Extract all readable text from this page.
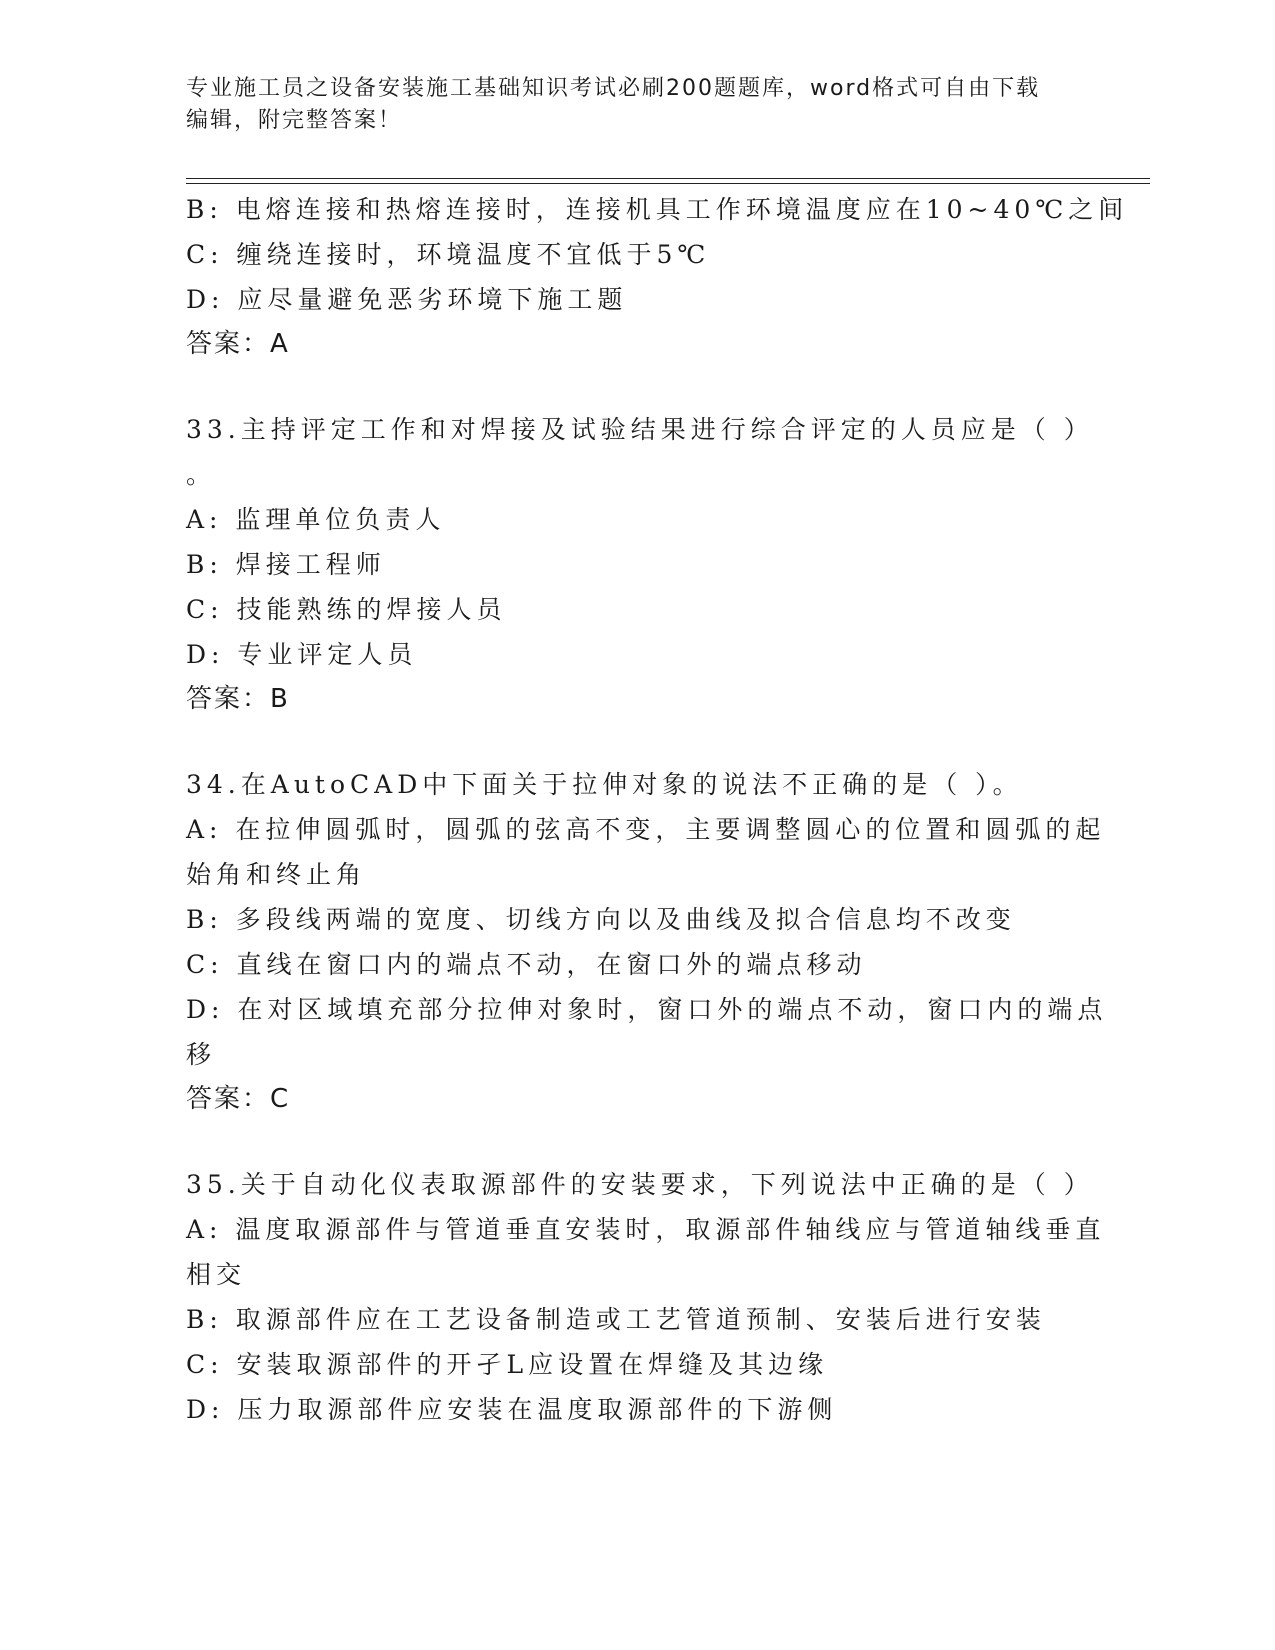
专业施工员之设备安装施工基础知识考试必刷200题题库，word格式可自由下载
编辑，附完整答案！
B: 电熔连接和热熔连接时，连接机具工作环境温度应在10~40℃之间
C: 缠绕连接时，环境温度不宜低于5℃
D: 应尽量避免恶劣环境下施工题
答案：A
33.主持评定工作和对焊接及试验结果进行综合评定的人员应是（ ）
。
A: 监理单位负责人
B: 焊接工程师
C: 技能熟练的焊接人员
D: 专业评定人员
答案：B
34.在AutoCAD中下面关于拉伸对象的说法不正确的是（ ）。
A: 在拉伸圆弧时，圆弧的弦高不变，主要调整圆心的位置和圆弧的起
始角和终止角
B: 多段线两端的宽度、切线方向以及曲线及拟合信息均不改变
C: 直线在窗口内的端点不动，在窗口外的端点移动
D: 在对区域填充部分拉伸对象时，窗口外的端点不动，窗口内的端点
移
答案：C
35.关于自动化仪表取源部件的安装要求，下列说法中正确的是（ ）
A: 温度取源部件与管道垂直安装时，取源部件轴线应与管道轴线垂直
相交
B: 取源部件应在工艺设备制造或工艺管道预制、安装后进行安装
C: 安装取源部件的开孑L应设置在焊缝及其边缘
D: 压力取源部件应安装在温度取源部件的下游侧
